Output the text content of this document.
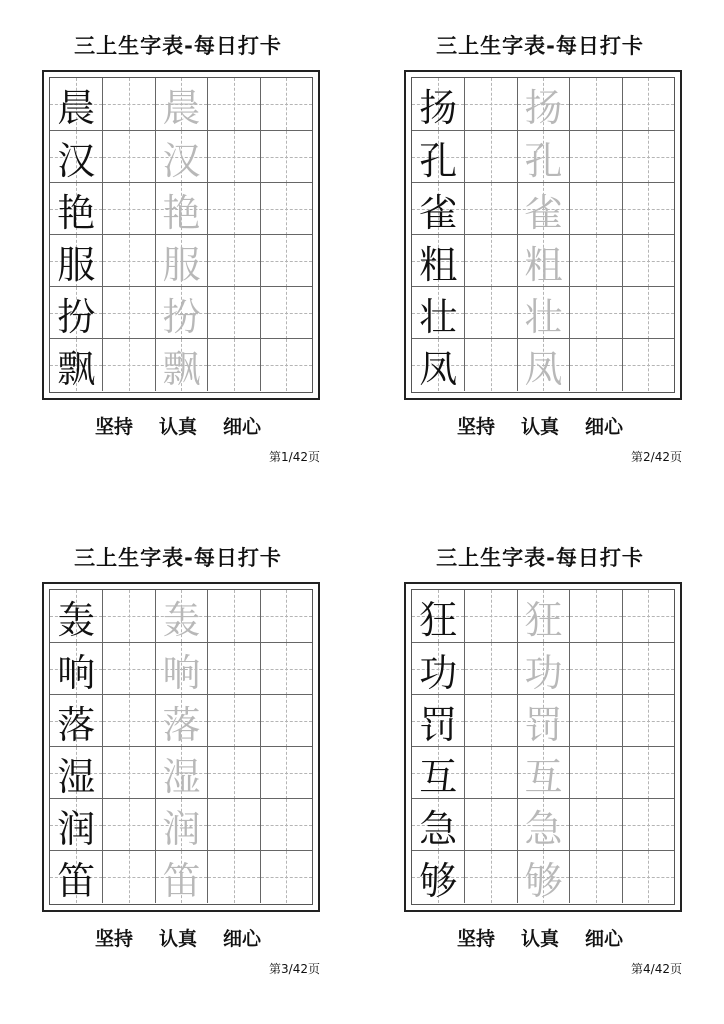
三上生字表-每日打卡
晨 晨
汉 汉
艳 艳
服 服
扮 扮
飘 飘
坚持 认真 细心
第1/42页
三上生字表-每日打卡
扬 扬
孔 孔
雀 雀
粗 粗
壮 壮
凤 凤
坚持 认真 细心
第2/42页
三上生字表-每日打卡
轰 轰
响 响
落 落
湿 湿
润 润
笛 笛
坚持 认真 细心
第3/42页
三上生字表-每日打卡
狂 狂
功 功
罚 罚
互 互
急 急
够 够
坚持 认真 细心
第4/42页
